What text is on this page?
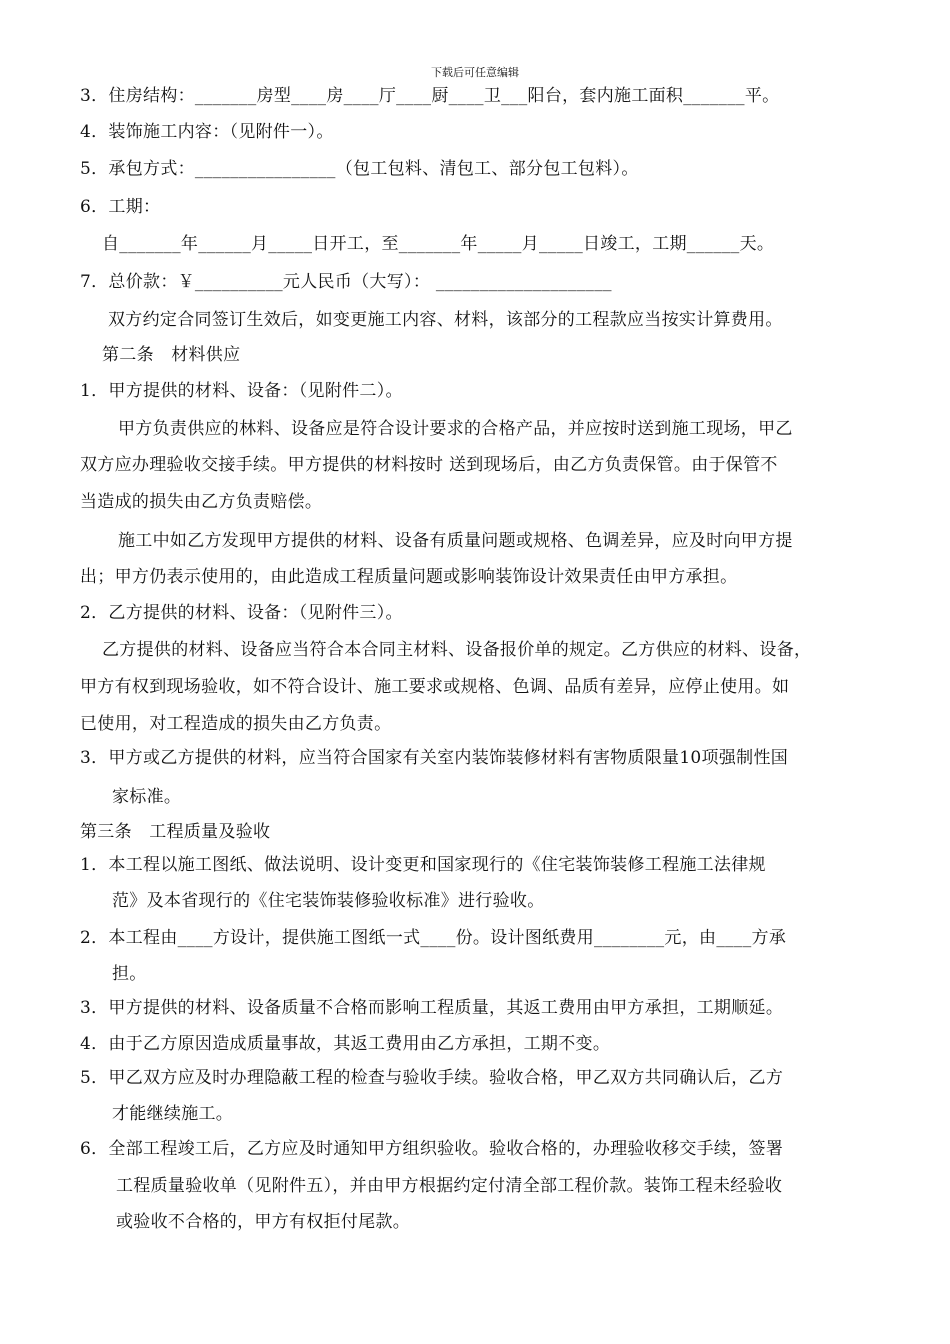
下载后可任意编辑
3．住房结构：_______房型____房____厅____厨____卫___阳台，套内施工面积_______平。
4．装饰施工内容：（见附件一）。
5．承包方式：________________（包工包料、清包工、部分包工包料）。
6．工期：
自_______年______月_____日开工，至_______年_____月_____日竣工，工期______天。
7．总价款：￥__________元人民币（大写）： ____________________
双方约定合同签订生效后，如变更施工内容、材料，该部分的工程款应当按实计算费用。
第二条　材料供应
1．甲方提供的材料、设备：（见附件二）。
甲方负责供应的林料、设备应是符合设计要求的合格产品，并应按时送到施工现场，甲乙
双方应办理验收交接手续。甲方提供的材料按时 送到现场后，由乙方负责保管。由于保管不
当造成的损失由乙方负责赔偿。
施工中如乙方发现甲方提供的材料、设备有质量问题或规格、色调差异，应及时向甲方提
出；甲方仍表示使用的，由此造成工程质量问题或影响装饰设计效果责任由甲方承担。
2．乙方提供的材料、设备：（见附件三）。
乙方提供的材料、设备应当符合本合同主材料、设备报价单的规定。乙方供应的材料、设备，
甲方有权到现场验收，如不符合设计、施工要求或规格、色调、品质有差异，应停止使用。如
已使用，对工程造成的损失由乙方负责。
3．甲方或乙方提供的材料，应当符合国家有关室内装饰装修材料有害物质限量10项强制性国
家标准。
第三条　工程质量及验收
1．本工程以施工图纸、做法说明、设计变更和国家现行的《住宅装饰装修工程施工法律规
范》及本省现行的《住宅装饰装修验收标准》进行验收。
2．本工程由____方设计，提供施工图纸一式____份。设计图纸费用________元，由____方承
担。
3．甲方提供的材料、设备质量不合格而影响工程质量，其返工费用由甲方承担，工期顺延。
4．由于乙方原因造成质量事故，其返工费用由乙方承担，工期不变。
5．甲乙双方应及时办理隐蔽工程的检查与验收手续。验收合格，甲乙双方共同确认后，乙方
才能继续施工。
6．全部工程竣工后，乙方应及时通知甲方组织验收。验收合格的，办理验收移交手续，签署
工程质量验收单（见附件五），并由甲方根据约定付清全部工程价款。装饰工程未经验收
或验收不合格的，甲方有权拒付尾款。
